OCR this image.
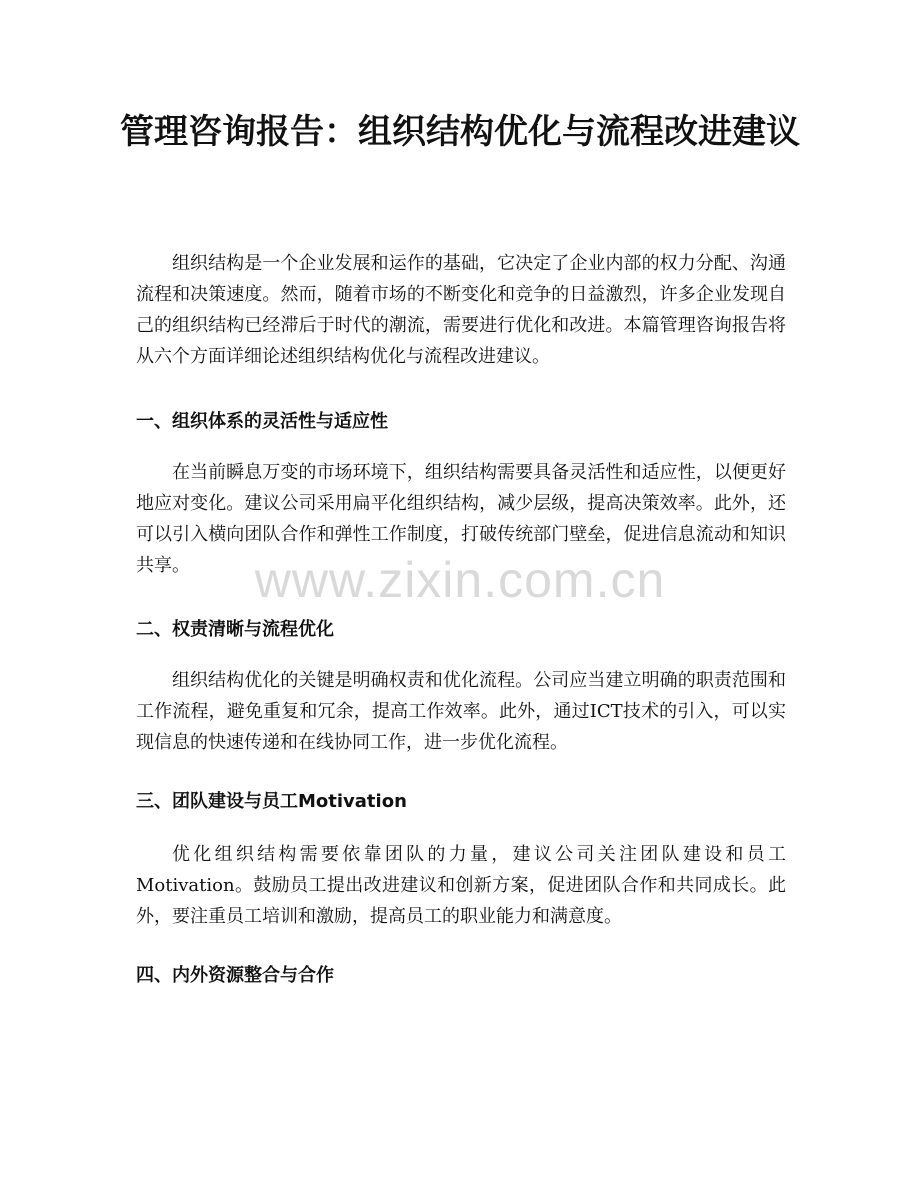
管理咨询报告：组织结构优化与流程改进建议

组织结构是一个企业发展和运作的基础，它决定了企业内部的权力分配、沟通流程和决策速度。然而，随着市场的不断变化和竞争的日益激烈，许多企业发现自己的组织结构已经滞后于时代的潮流，需要进行优化和改进。本篇管理咨询报告将从六个方面详细论述组织结构优化与流程改进建议。

一、组织体系的灵活性与适应性

在当前瞬息万变的市场环境下，组织结构需要具备灵活性和适应性，以便更好地应对变化。建议公司采用扁平化组织结构，减少层级，提高决策效率。此外，还可以引入横向团队合作和弹性工作制度，打破传统部门壁垒，促进信息流动和知识共享。

二、权责清晰与流程优化

组织结构优化的关键是明确权责和优化流程。公司应当建立明确的职责范围和工作流程，避免重复和冗余，提高工作效率。此外，通过ICT技术的引入，可以实现信息的快速传递和在线协同工作，进一步优化流程。

三、团队建设与员工Motivation

优化组织结构需要依靠团队的力量，建议公司关注团队建设和员工Motivation。鼓励员工提出改进建议和创新方案，促进团队合作和共同成长。此外，要注重员工培训和激励，提高员工的职业能力和满意度。

四、内外资源整合与合作
www.zixin.com.cn
